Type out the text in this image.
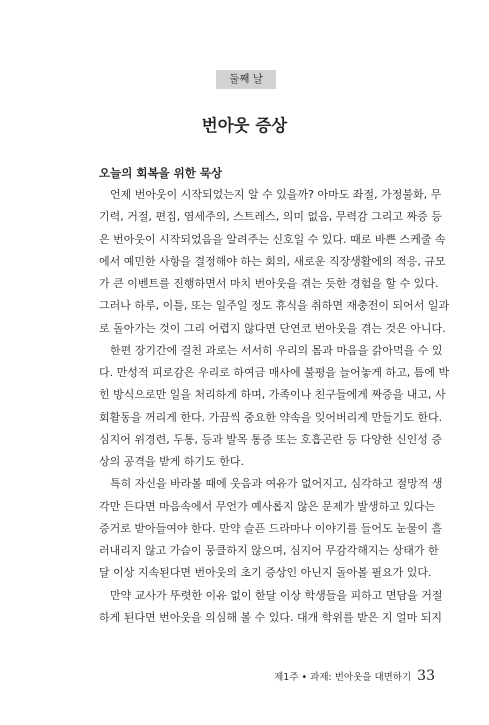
둘째 날
번아웃 증상
오늘의 회복을 위한 묵상
언제 번아웃이 시작되었는지 알 수 있을까? 아마도 좌절, 가정불화, 무
기력, 거절, 편집, 염세주의, 스트레스, 의미 없음, 무력감 그리고 짜증 등
은 번아웃이 시작되었음을 알려주는 신호일 수 있다. 때로 바쁜 스케줄 속
에서 예민한 사항을 결정해야 하는 회의, 새로운 직장생활에의 적응, 규모
가 큰 이벤트를 진행하면서 마치 번아웃을 겪는 듯한 경험을 할 수 있다.
그러나 하루, 이틀, 또는 일주일 정도 휴식을 취하면 재충전이 되어서 일과
로 돌아가는 것이 그리 어렵지 않다면 단연코 번아웃을 겪는 것은 아니다.
한편 장기간에 걸친 과로는 서서히 우리의 몸과 마음을 갉아먹을 수 있
다. 만성적 피로감은 우리로 하여금 매사에 불평을 늘어놓게 하고, 틈에 박
힌 방식으로만 일을 처리하게 하며, 가족이나 친구들에게 짜증을 내고, 사
회활동을 꺼리게 한다. 가끔씩 중요한 약속을 잊어버리게 만들기도 한다.
심지어 위경련, 두통, 등과 발목 통증 또는 호흡곤란 등 다양한 신인성 증
상의 공격을 받게 하기도 한다.
특히 자신을 바라볼 때에 웃음과 여유가 없어지고, 심각하고 절망적 생
각만 든다면 마음속에서 무언가 예사롭지 않은 문제가 발생하고 있다는
증거로 받아들여야 한다. 만약 슬픈 드라마나 이야기를 들어도 눈물이 흘
러내리지 않고 가슴이 뭉클하지 않으며, 심지어 무감각해지는 상태가 한
달 이상 지속된다면 번아웃의 초기 증상인 아닌지 돌아볼 필요가 있다.
만약 교사가 뚜렷한 이유 없이 한달 이상 학생들을 피하고 면담을 거절
하게 된다면 번아웃을 의심해 볼 수 있다. 대개 학위를 받은 지 얼마 되지
제1주 • 과제: 번아웃을 대면하기 33
